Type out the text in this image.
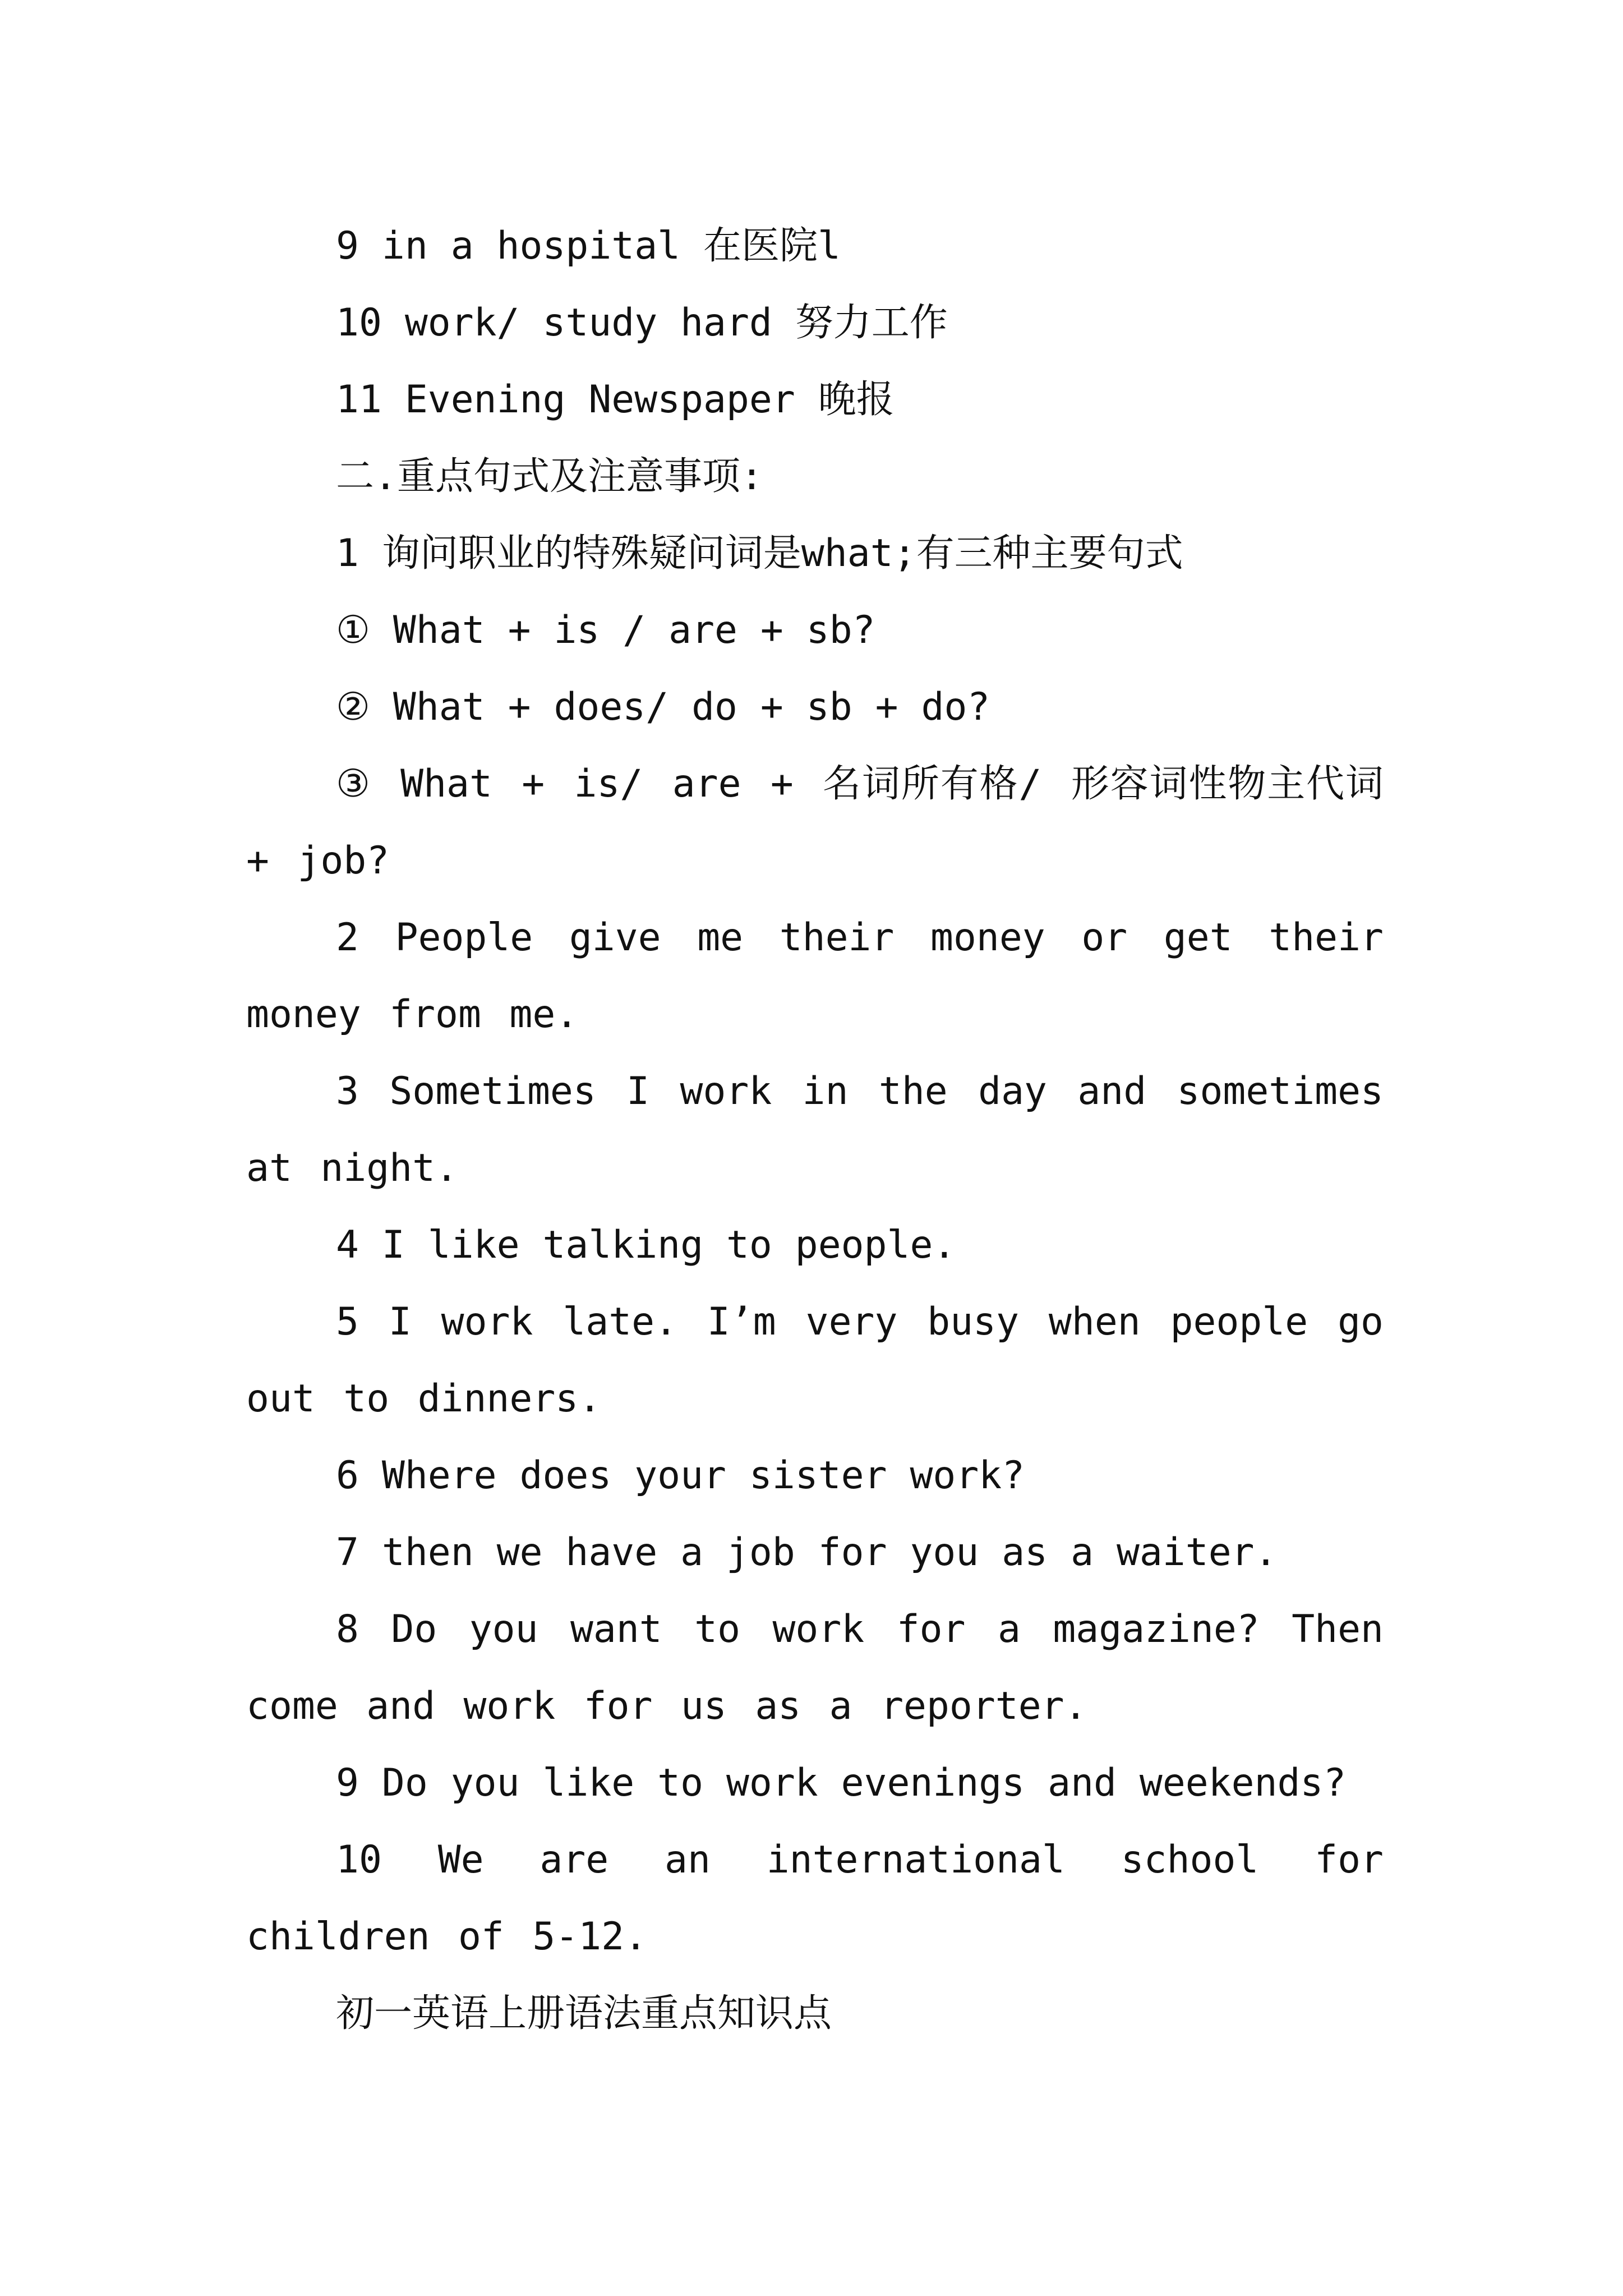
9 in a hospital 在医院l
10 work/ study hard 努力工作
11 Evening Newspaper 晚报
二.重点句式及注意事项:
1 询问职业的特殊疑问词是what;有三种主要句式
① What + is / are + sb?
② What + does/ do + sb + do?

③ What + is/ are + 名词所有格/ 形容词性物主代词 + job?

2 People give me their money or get their money from me.

3 Sometimes I work in the day and sometimes at night.

4 I like talking to people.

5 I work late. I’m very busy when people go out to dinners.

6 Where does your sister work?
7 then we have a job for you as a waiter.

8 Do you want to work for a magazine? Then come and work for us as a reporter.

9 Do you like to work evenings and weekends?

10 We are an international school for children of 5-12.

初一英语上册语法重点知识点
